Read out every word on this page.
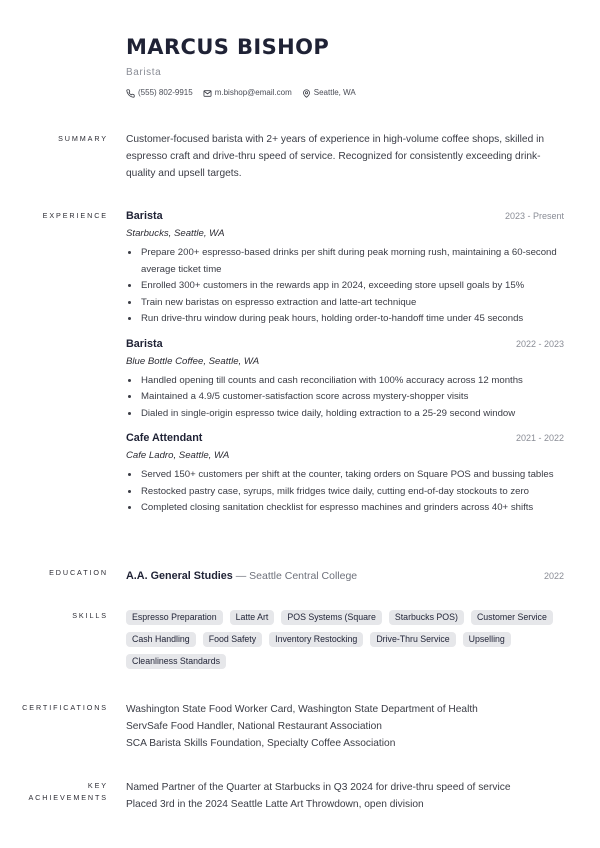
MARCUS BISHOP
Barista
(555) 802-9915	m.bishop@email.com	Seattle, WA
SUMMARY Customer-focused barista with 2+ years of experience in high-volume coffee shops, skilled in espresso craft and drive-thru speed of service. Recognized for consistently exceeding drink-quality and upsell targets.
EXPERIENCE Barista	2023 - Present
Starbucks, Seattle, WA
• Prepare 200+ espresso-based drinks per shift during peak morning rush, maintaining a 60-second average ticket time
• Enrolled 300+ customers in the rewards app in 2024, exceeding store upsell goals by 15%
• Train new baristas on espresso extraction and latte-art technique
• Run drive-thru window during peak hours, holding order-to-handoff time under 45 seconds
Barista	2022 - 2023
Blue Bottle Coffee, Seattle, WA
• Handled opening till counts and cash reconciliation with 100% accuracy across 12 months
• Maintained a 4.9/5 customer-satisfaction score across mystery-shopper visits
• Dialed in single-origin espresso twice daily, holding extraction to a 25-29 second window
Cafe Attendant	2021 - 2022
Cafe Ladro, Seattle, WA
• Served 150+ customers per shift at the counter, taking orders on Square POS and bussing tables
• Restocked pastry case, syrups, milk fridges twice daily, cutting end-of-day stockouts to zero
• Completed closing sanitation checklist for espresso machines and grinders across 40+ shifts
EDUCATION A.A. General Studies — Seattle Central College	2022
SKILLS	Espresso Preparation	Latte Art	POS Systems (Square	Starbucks POS)	Customer Service
Cash Handling	Food Safety	Inventory Restocking	Drive-Thru Service	Upselling
Cleanliness Standards
CERTIFICATIONS Washington State Food Worker Card, Washington State Department of Health
ServSafe Food Handler, National Restaurant Association
SCA Barista Skills Foundation, Specialty Coffee Association
KEY
ACHIEVEMENTS
Named Partner of the Quarter at Starbucks in Q3 2024 for drive-thru speed of service
Placed 3rd in the 2024 Seattle Latte Art Throwdown, open division
